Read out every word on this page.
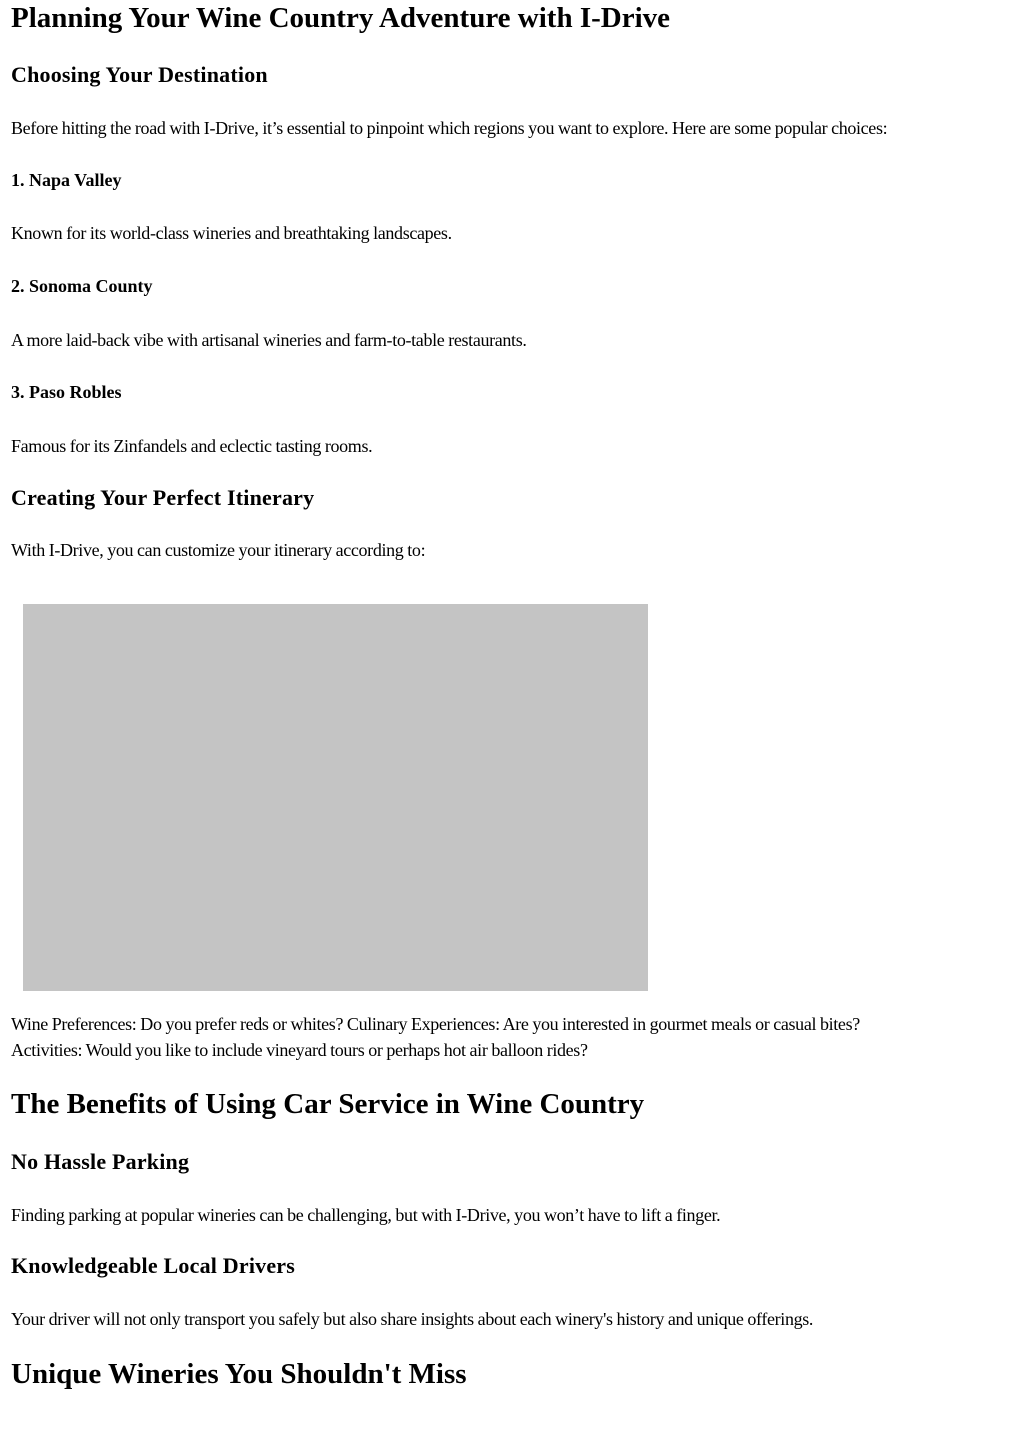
Planning Your Wine Country Adventure with I-Drive
Choosing Your Destination

Before hitting the road with I-Drive, it’s essential to pinpoint which regions you want to explore. Here are some popular choices:

1. Napa Valley

Known for its world-class wineries and breathtaking landscapes.

2. Sonoma County

A more laid-back vibe with artisanal wineries and farm-to-table restaurants.

3. Paso Robles

Famous for its Zinfandels and eclectic tasting rooms.

Creating Your Perfect Itinerary

With I-Drive, you can customize your itinerary according to:

Wine Preferences: Do you prefer reds or whites? Culinary Experiences: Are you interested in gourmet meals or casual bites?

Activities: Would you like to include vineyard tours or perhaps hot air balloon rides?

The Benefits of Using Car Service in Wine Country
No Hassle Parking

Finding parking at popular wineries can be challenging, but with I-Drive, you won’t have to lift a finger.

Knowledgeable Local Drivers

Your driver will not only transport you safely but also share insights about each winery's history and unique offerings.

Unique Wineries You Shouldn't Miss
